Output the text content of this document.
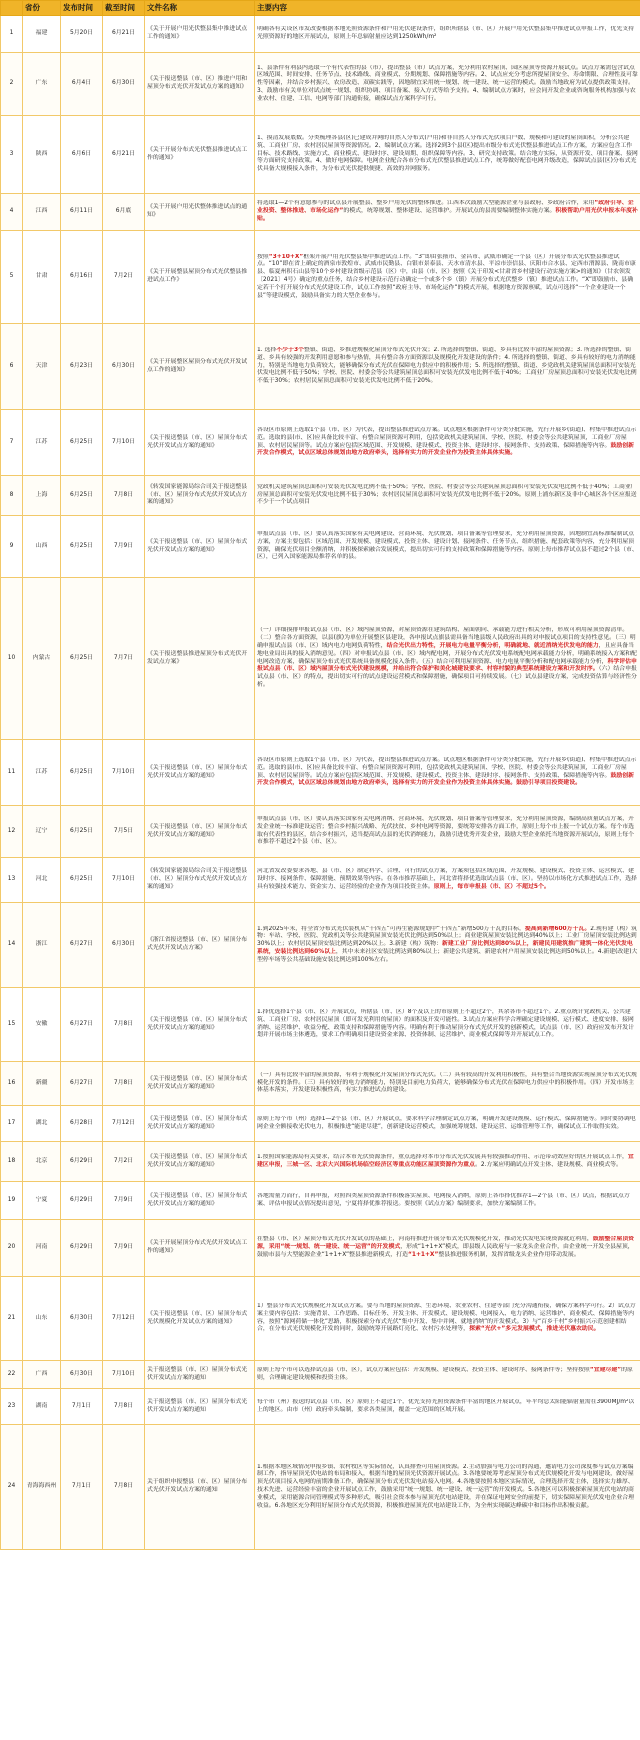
	省份	发布时间	截至时间	文件名称	主要内容
1	福建	5月20日	6月21日	《关于开展户用光伏整县集中推进试点工作的通知》	明确各有关设区市发改委根据本地光照资源条件和户用光伏建设条件，组织所辖县（市、区）开展户用光伏整县集中推进试点申报工作，优先支持光照资源好的地区开展试点，原则上年总辐射量应达到1250kWh/m²

2	广东	6月4日	6月30日	《关于报送整县（市、区）推进户用和屋顶分布式光伏开发试点方案的通知》	1、县条件有利县内选取一个有代表性的县（市），提出整县（市）试点方案，充分利用农村屋顶、园区屋顶等资源开展试点。试点方案需包含试点区域范围、时间安排、任务节点、技术路线、商业模式、分期规划、保障措施等内容。2、试点应充分考虑所提屋顶安全、寿命期限、合理性及可靠性等因素，并结合乡村振兴、农房改造、双碳实践等，因地制宜采用统一规划、统一建设、统一运营的模式。鼓励当地政府为试点提供政策支持。3、鼓励市有关单位对试点统一规划、组织协调、项目备案、接入方式等给予支持。4、编制试点方案时，应会同开发企业或咨询服务机构加强与农业农村、住建、工信、电网等部门沟通衔接，确保试点方案科学可行。

3	陕西	6月6日	6月21日	《关于开展分布式光伏整县推进试点工作的通知》	1、摸清发展底数。分类梳理各县(区)已建成并网的自然人分布式(户用)和非自然人分布式光伏项目户数、规模和可建设的屋顶面积，分析公共建筑、工商业厂房、农村居民屋顶等资源情况。2、编制试点方案。选择2到3个县(区)提出市级分布式光伏整县推进试点工作方案，方案应包含工作目标、技术路线、实施方式、商业模式、建设时序、建设周期、组织保障等内容。3、研究支持政策。结合地方实际，从资源开发、项目备案、接网等方面研究支持政策。4、做好电网保障。电网企业配合各市分布式光伏整县推进试点工作，统筹做好配套电网升级改造，保障试点县(区)分布式光伏具备大规模接入条件，为分布式光伏提供便捷、高效的并网服务。

4	江西	6月11日	6月底	《关于开展户用光伏整体推进试点的通知》	将选取1—2个有意愿参与的试点县开展整县、整乡户用光伏的整体推进。江西本次鼓励大型能源企业与县政府、乡政府合作，采用“政府引导、企业投资、整体推进、市场化运作”的模式，统筹规划、整体建设、运营维护。开展试点的县需要编制整体实施方案。积极帮助户用光伏申报本年度补贴。

5	甘肃	6月16日	7月2日	《关于开展整县屋顶分布式光伏整县推进试点工作》	按照“3+10+X”框架开展户用光伏整县集中推进试点工作。“3”即由张掖市、金昌市、武威市确定一个县（区）开展分布式光伏整县推进试点。“10”即在省上确定的酒泉市敦煌市、武威市民勤县、白银市景泰县、天水市清水县、平凉市崇信县、庆阳市合水县、定西市渭源县、陇南市康县、临夏州积石山县等10个乡村建设省级示范县（区）中，由县（市、区）按照《关于印发<甘肃省乡村建设行动实施方案>的通知》（甘农领发〔2021〕4号）确定的重点任务，结合乡村建设示范行动确定一个或多个乡（镇）开展分布式光伏整乡（镇）推进试点工作。“X”即鼓励市、县确定若干个打开展分布式光伏建设工作，试点工作按照“政府主导、市场化运作”的模式开展，根据地方资源禀赋，试点可选择“一个企业建设一个县”等建设模式，鼓励具备实力的大型企业参与。

6	天津	6月23日	6月30日	《关于开展整区屋顶分布式光伏开发试点工作的通知》	1. 选择不少于3个整镇、街道、乡推进规模化屋顶分布式光伏开发；2. 所选择的整镇、街道、乡具有比较丰富的屋顶资源；3. 所选择的整镇、街道、乡具有较强的开发利用意愿和参与热情，具有整合各方面资源以及规模化开发建设的条件；4. 所选择的整镇、街道、乡具有较好的电力消纳能力，特别是当地电力负荷较大，能够确保分布式光伏在保障电力供应中的积极作用；5. 所选择的整镇、街道、乡党政机关建筑屋顶总面积可安装光伏发电比例不低于50%；学校、医院、村委会等公共建筑屋顶总面积可安装光伏发电比例不低于40%；工商业厂房屋顶总面积可安装光伏发电比例不低于30%；农村居民屋顶总面积可安装光伏发电比例不低于20%。

7	江苏	6月25日	7月10日	《关于报送整县（市、区）屋顶分布式光伏开发试点方案的通知》	各设区市原则上选取1个县（市、区）为代表，提出整县推进试点方案。试点地区根据条件可分类分批实施，先行开展乡(街道)、村集中推进试点示范。选取的县(市、区)应具备比较丰富、有整合屋顶资源可利用，包括党政机关建筑屋顶、学校、医院、村委会等公共建筑屋顶，工商业厂房屋顶、农村居民屋顶等。试点方案应包括区域范围、开发规模、建设模式、投资主体、建设时序、接网条件、支持政策、保障措施等内容。鼓励创新开发合作模式，试点区域总体规划由地方政府牵头，选择有实力的开发企业作为投资主体具体实施。

8	上海	6月25日	7月8日	《转发国家能源局综合司关于报送整县（市、区）屋顶分布式光伏开发试点方案的通知》	党政机关建筑屋顶总面积可安装光伏发电比例不低于50%；学校、医院、村委会等公共建筑屋顶总面积可安装光伏发电比例不低于40%；工商业厂房屋顶总面积可安装光伏发电比例不低于30%；农村居民屋顶总面积可安装光伏发电比例不低于20%。原则上浦东新区及非中心城区各个区应报送不少于一个试点项目

9	山西	6月25日	7月9日	《关于报送整县（市、区）屋顶分布式光伏开发试点方案的通知》	申报试点县（市、区）要认真落实国家有关电网建设、营商环境、光伏规划、项目备案等管理要求，充分利用屋顶资源，因地制宜高标准编制试点方案，方案主要包括：区域范围、开发规模、建设模式、投资主体、建设计划、接网条件、任务节点、组织措施、配套政策等内容，充分利用屋顶资源，确保光伏项目全额消纳，并积极探索融合发展模式，提出切实可行的支持政策和保障措施等内容。原则上每市推荐试点县不超过2个县（市、区），已列入国家能源局推荐名单的县。

10	内蒙古	6月25日	7月7日	《关于报送整县推进屋顶分布式光伏开发试点方案》	（一）详细摸排申报试点县（市、区）域内屋顶资源，对屋顶资源在建筑结构、屋面朝向、承载能力进行相关分析，形成可利用屋顶资源清单。（二）整合各方面资源，以县(旗)为单位开展整区县建设，各申报试点旗县需具备当地县级人民政府出具的对申报试点项目的支持性意见。（三）明确申报试点县（市、区）域内电力电网负荷特性，结合光伏出力特性，开展电力电量平衡分析，明确就地、就近消纳光伏发电的能力，且应具备当地电业局出具的接入消纳意见。（四）对申报试点县（市、区）域内配电网，开展分布式光伏发电系统配电网承载能力分析，明确系统接入方案和配电网改造方案，确保屋顶分布式光伏系统具备规模化接入条件。（五）结合可利用屋顶资源、电力电量平衡分析和配电网承载能力分析，科学评估申报试点县（市、区）域内屋顶分布式光伏建设规模，并给出符合保护和美化城建设要求、村容村貌的典型系统建设方案和开发时序。（六）结合申报试点县（市、区）的特点，提出切实可行的试点建设运营模式和保障措施，确保项目可持续发展。（七）试点县建设方案，完成投资估算与经济性分析。

11	江苏	6月25日	7月10日	《关于报送整县（市、区）屋顶分布式光伏开发试点方案的通知》	各设区市原则上选取1个县（市、区）为代表，提出整县推进试点方案。试点地区根据条件可分类分批实施，先行开展乡(街道)、村集中推进试点示范。选取的县(市、区)应具备比较丰富、有整合屋顶资源可利用，包括党政机关建筑屋顶、学校、医院、村委会等公共建筑屋顶，工商业厂房屋顶、农村居民屋顶等。试点方案应包括区域范围、开发规模、建设模式、投资主体、建设时序、接网条件、支持政策、保障措施等内容。鼓励创新开发合作模式，试点区域总体规划由地方政府牵头，选择有实力的开发企业作为投资主体具体实施。鼓励引导项目投资建设。

12	辽宁	6月25日	7月5日	《关于报送整县（市、区）屋顶分布式光伏开发试点方案的通知》	申报试点县（市、区）要认真落实国家有关电网消纳、营商环境、光伏规划、项目备案等管理要求，充分利用屋顶资源，编制高质量试点方案，开发企业统一标准建设运营；整合乡村振兴战略、光伏扶贫、乡村电网等资源，要统筹安排各方面工作，原则上每个市上报一个试点方案。每个市选取有代表性的县区，结合乡村振兴，适当提高试点县的光伏消纳能力，鼓励引进优秀开发企业，鼓励大型企业依托当地资源开展试点，原则上每个市推荐不超过2个县（市、区）。

13	河北	6月25日	7月10日	《转发国家能源局综合司关于报送整县（市、区）屋顶分布式光伏开发试点方案的通知》	河北省发改委要求各地、县（市、区）制定科学、合理、可行的试点方案，方案须包括区域范围、开发规模、建设模式、投资主体、运营模式、建设时序、接网条件、保障措施、预期效果等内容。在各市推荐基础上，河北省将择优选取试点县（市、区）。坚持以市场化方式推进试点工作，选择具有较强技术能力、资金实力、运营经验的企业作为项目投资主体。原则上，每市申报县（市、区）不超过5个。

14	浙江	6月27日	6月30日	《浙江省报送整县（市、区）屋顶分布式光伏开发试点方案》	1.到2025年末，将全省分布式光伏装机从“十四五”可再生能源规划中“十四五”新增500万千瓦的目标，提高到新增600万千瓦。2.现有建（构）筑物：车站、学校、医院、党政机关等公共建筑屋顶安装光伏比例达到50%以上；商业建筑屋顶安装比例达到40%以上；工业厂房屋顶安装比例达到30%以上；农村居民屋顶安装比例达到20%以上。3.新建（构）筑物：新建工业厂房比例达到80%以上，新建民用建筑推广建筑一体化光伏发电系统，安装比例达到60%以上，其中未来社区安装比例达到80%以上；新建公共建筑、新建农村户用屋顶安装比例达到50%以上。4.新建(改建)大型停车场等公共基础设施安装比例达到100%左右。

15	安徽	6月27日	7月8日	《关于报送整县（市、区）屋顶分布式光伏开发试点方案的通知》	1.择优选择1个县（市、区）开展试点，所辖县（市、区）8个及以上的市原则上不超过2个，其余各市不超过1个。2.重点统计党政机关、公共建筑、工商业厂房、农村居民屋顶（即可发光利用的屋顶）的面积及开发可能性。3.试点方案应科学合理确定建设规模、运行模式、进度安排、接网消纳、运营维护、收益分配、政策支持和保障措施等内容。明确有利于推动屋顶分布式光伏开发的创新模式，试点县（市、区）政府应发布开发计划并开展市场主体遴选，要求工作明确项目建设资金来源、投资体制、运营维护、商业模式保障等并开展试点工作。

16	新疆	6月27日	7月8日	《关于报送整县（市、区）屋顶分布式光伏开发试点方案的通知》	（一）具有比较丰富的屋顶资源，有利于规模化开发屋顶分布式光伏。（二）具有较高的开发利用积极性，具有整合当地资源实现屋顶分布式光伏规模化开发的条件。（三）具有较好的电力消纳能力，特别是目前电力负荷大，能够确保分布式光伏在保障电力供应中的积极作用。（四）开发市场主体基本落实，开发建设积极性高，有实力推进试点的建设。

17	湖北	6月28日	7月12日	《关于报送整县（市、区）屋顶分布式光伏开发试点方案的通知》	原则上每个市（州）选择1—2个县（市、区）开展试点，要求科学合理制定试点方案，明确开发建设规模、运行模式、保障措施等。同时要协调电网企业全额接收光伏电力，积极推进“能建尽建”，创新建设运营模式，加强统筹规划、建设运营、运维管理等工作，确保试点工作取得实效。

18	北京	6月29日	7月2日	《关于报送整县（市、区）屋顶分布式光伏开发试点方案的通知》	1.按照国家能源局有关要求，结合本市光伏资源条件，重点选择对本市分布式光伏发展具有较强推动作用、示范带动效应好的区开展试点工作，宜建区申报，三城一区、北京大兴国际机场临空经济区等重点功能区屋顶资源作为重点。2.方案应明确试点开发主体、建设规模、商业模式等。

19	宁夏	6月29日	7月9日	《关于报送整县（市、区）屋顶分布式光伏开发试点方案的通知》	各地需量力而行，自再申报，对照四类屋顶资源条件积极落实屋顶、电网接入消纳，原则上各市择优推荐1—2个县（市、区）试点，根据试点方案、评估申报试点情况提出意见，宁夏将择优推荐报送。要按照《试点方案》编制要求，加快方案编制工作。

20	河南	6月29日	7月9日	《关于开展屋顶分布式光伏开发试点工作的通知》	在整县（市、区）屋顶分布式光伏开发试点的基础上，河南将推进开展分布式光伏规模化开发，推动光伏发电实现资源就近利用，鼓励整合屋顶资源，采用“统一规划、统一建设、统一运营”的开发模式，形成“1+1+X”模式，即县级人民政府与一家龙头企业合作，由企业统一开发全县屋顶，鼓励市县与大型能源企业“1+1+X”整县推进新模式，打造“1+1+X”整县推进服务机制，发挥省级龙头企业作用带动发展。

21	山东	6月30日	7月12日	《关于报送整县（市、区）屋顶分布式光伏规模化开发试点方案的通知》	1）整县分布式光伏规模化开发试点方案。要与当地的屋顶资源、生态环境、农业农村、住建等部门充分沟通衔接，确保方案科学可行。2）试点方案主要内容包括：实施背景、工作思路、目标任务、开发主体、开发模式、建设规模、电网接入、电力消纳、运营维护、商业模式、保障措施等内容，按照“源网荷储一体化”思路，积极探索分布式光伏“集中开发、集中并网、就地消纳”的开发模式。3）与“百乡千村”乡村振兴示范创建相结合，在分布式光伏规模化开发的同时，鼓励统筹开展路灯亮化、农村污水处理等，探索“光伏+”多元发展模式，推进光伏惠农助民。

22	广西	6月30日	7月10日	关于报送整县（市、区）屋顶分布式光伏开发试点方案的通知	原则上每个市可以选择试点县（市、区），试点方案应包括：开发规模、建设模式、投资主体、建设时序、接网条件等；坚持按照“宜建尽建”的原则，合理确定建设规模和投资主体。

23	湖南	7月1日	7月8日	关于报送整县（市、区）屋顶分布式光伏开发试点方案的通知	每个市（州）报送的试点县（市、区）原则上不超过1个，优先支持光照资源条件丰富的地区开展试点，年平均总太阳能辐射量需在3900MJ/m²以上的地区。由市（州）政府牵头编制，要求各类屋顶，覆盖一定范围的区域开展。

24	青海海西州	7月1日	7月8日	关于组织申报整县（市、区）屋顶分布式光伏开发试点方案的通知	1.根据本地区域情况申报乡镇、农村牧区等实际情况，认真排查可用屋顶资源。2.主动加强与电力公司的沟通，邀请电力公司深度参与试点方案编制工作，指导屋顶光伏电站的布局和接入，根据当地的屋顶光伏资源开展试点。3.各地要统筹考虑屋顶分布式光伏规模化开发与电网建设，做好屋顶光伏项目接入电网的前期准备工作，确保屋顶分布式光伏发电站接入电网。4.各地要按照本地区实际情况，合理选择开发主体，选择实力雄厚、技术先进、运营经验丰富的企业开展试点工作，鼓励采用“统一规划、统一建设、统一运营”的开发模式。5.各地区可以积极探索屋顶光伏电站的商业模式，采用能源合同管理模式等多种形式，吸引社会资本参与屋顶光伏电站建设，并在保证电网安全的前提下，切实保障屋顶光伏发电企业合理收益。6.各地区充分利用好屋顶分布式光伏资源，积极推进屋顶光伏电站建设工作，为全州实现碳达峰碳中和目标作出积极贡献。
